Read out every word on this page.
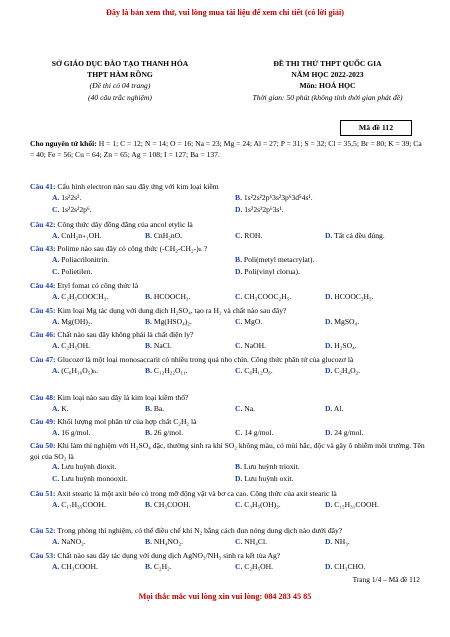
Đây là bản xem thử, vui lòng mua tài liệu để xem chi tiết (có lời giải)
SỞ GIÁO DỤC ĐÀO TẠO THANH HÓA
THPT HÀM RỒNG
(Đề thi có 04 trang)
(40 câu trắc nghiệm)
ĐỀ THI THỬ THPT QUỐC GIA
NĂM HỌC 2022-2023
Môn: HOÁ HỌC
Thời gian: 50 phút (không tính thời gian phát đề)
Mã đề 112
Cho nguyên tử khối: H = 1; C = 12; N = 14; O = 16; Na = 23; Mg = 24; Al = 27; P = 31; S = 32; Cl = 35,5; Br = 80; K = 39; Ca = 40; Fe = 56; Cu = 64; Zn = 65; Ag = 108; I = 127; Ba = 137.
Câu 41: Cấu hình electron nào sau đây ứng với kim loại kiềm
A. 1s²2s².	B. 1s²2s²2p⁶3s²3p⁶3d⁵4s¹.
C. 1s²2s²2p⁶.	D. 1s²2s²2p⁶3s¹.
Câu 42: Công thức dãy đồng đẳng của ancol etylic là
A. CnH₂n₊₁OH.	B. CnH₂nO.	C. ROH.	D. Tất cả đều đúng.
Câu 43: Polime nào sau đây có công thức (-CH₂-CH₂-)ₙ ?
A. Poliacrilonitrin.	B. Poli(metyl metacrylat).
C. Polietilen.	D. Poli(vinyl clorua).
Câu 44: Etyl fomat có công thức là
A. C₂H₅COOCH₃.	B. HCOOCH₃.	C. CH₃COOC₂H₅.	D. HCOOC₂H₅.
Câu 45: Kim loại Mg tác dụng với dung dịch H₂SO₄, tạo ra H₂ và chất nào sau đây?
A. Mg(OH)₂.	B. Mg(HSO₄)₂.	C. MgO.	D. MgSO₄.
Câu 46: Chất nào sau đây không phải là chất điện ly?
A. C₂H₅OH.	B. NaCl.	C. NaOH.	D. H₂SO₄.
Câu 47: Glucozơ là một loại monosaccarit có nhiều trong quả nho chín. Công thức phân tử của glucozơ là
A. (C₆H₁₀O₅)ₙ.	B. C₁₂H₂₂O₁₁.	C. C₆H₁₂O₆.	D. C₂H₄O₂.
Câu 48: Kim loại nào sau đây là kim loại kiềm thổ?
A. K.	B. Ba.	C. Na.	D. Al.
Câu 49: Khối lượng mol phân tử của hợp chất C₂H₂ là
A. 16 g/mol.	B. 26 g/mol.	C. 14 g/mol.	D. 24 g/mol.
Câu 50: Khi làm thí nghiệm với H₂SO₄ đặc, thường sinh ra khí SO₂ không màu, có mùi hắc, độc và gây ô nhiễm môi trường. Tên gọi của SO₂ là
A. Lưu huỳnh đioxit.	B. Lưu huỳnh trioxit.
C. Lưu huỳnh monooxit.	D. Lưu huỳnh oxit.
Câu 51: Axit stearic là một axit béo có trong mỡ động vật và bơ ca cao. Công thức của axit stearic là
A. C₁₇H₃₅COOH.	B. CH₃COOH.	C. C₃H₅(OH)₃.	D. C₁₅H₃₁COOH.
Câu 52: Trong phòng thí nghiệm, có thể điều chế khí N₂ bằng cách đun nóng dung dịch nào dưới đây?
A. NaNO₂.	B. NH₄NO₂.	C. NH₄Cl.	D. NH₃.
Câu 53: Chất nào sau đây tác dụng với dung dịch AgNO₃/NH₃ sinh ra kết tủa Ag?
A. CH₃COOH.	B. C₂H₂.	C. C₂H₅OH.	D. CH₃CHO.
Trang 1/4 – Mã đề 112
Mọi thắc mắc vui lòng xin vui lòng: 084 283 45 85
